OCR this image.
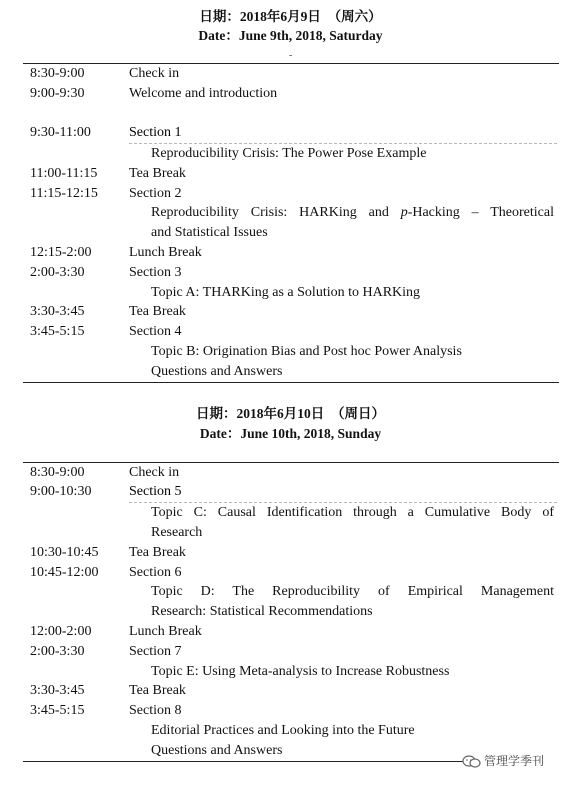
日期：2018年6月9日　（周六）
Date：June 9th, 2018, Saturday
-
8:30-9:00	Check in
9:00-9:30	Welcome and introduction
9:30-11:00	Section 1
Reproducibility Crisis: The Power Pose Example
11:00-11:15 Tea Break
11:15-12:15 Section 2
Reproducibility Crisis: HARKing and p-Hacking – Theoretical
and Statistical Issues
12:15-2:00	Lunch Break
2:00-3:30	Section 3
Topic A: THARKing as a Solution to HARKing
3:30-3:45	Tea Break
3:45-5:15	Section 4
Topic B: Origination Bias and Post hoc Power Analysis
Questions and Answers
日期：2018年6月10日　（周日）
Date：June 10th, 2018, Sunday
8:30-9:00	Check in
9:00-10:30	Section 5
Topic C: Causal Identification through a Cumulative Body of
Research
10:30-10:45 Tea Break
10:45-12:00 Section 6
Topic D: The Reproducibility of Empirical Management
Research: Statistical Recommendations
12:00-2:00	Lunch Break
2:00-3:30	Section 7
Topic E: Using Meta-analysis to Increase Robustness
3:30-3:45	Tea Break
3:45-5:15	Section 8
Editorial Practices and Looking into the Future
Questions and Answers
管理学季刊
